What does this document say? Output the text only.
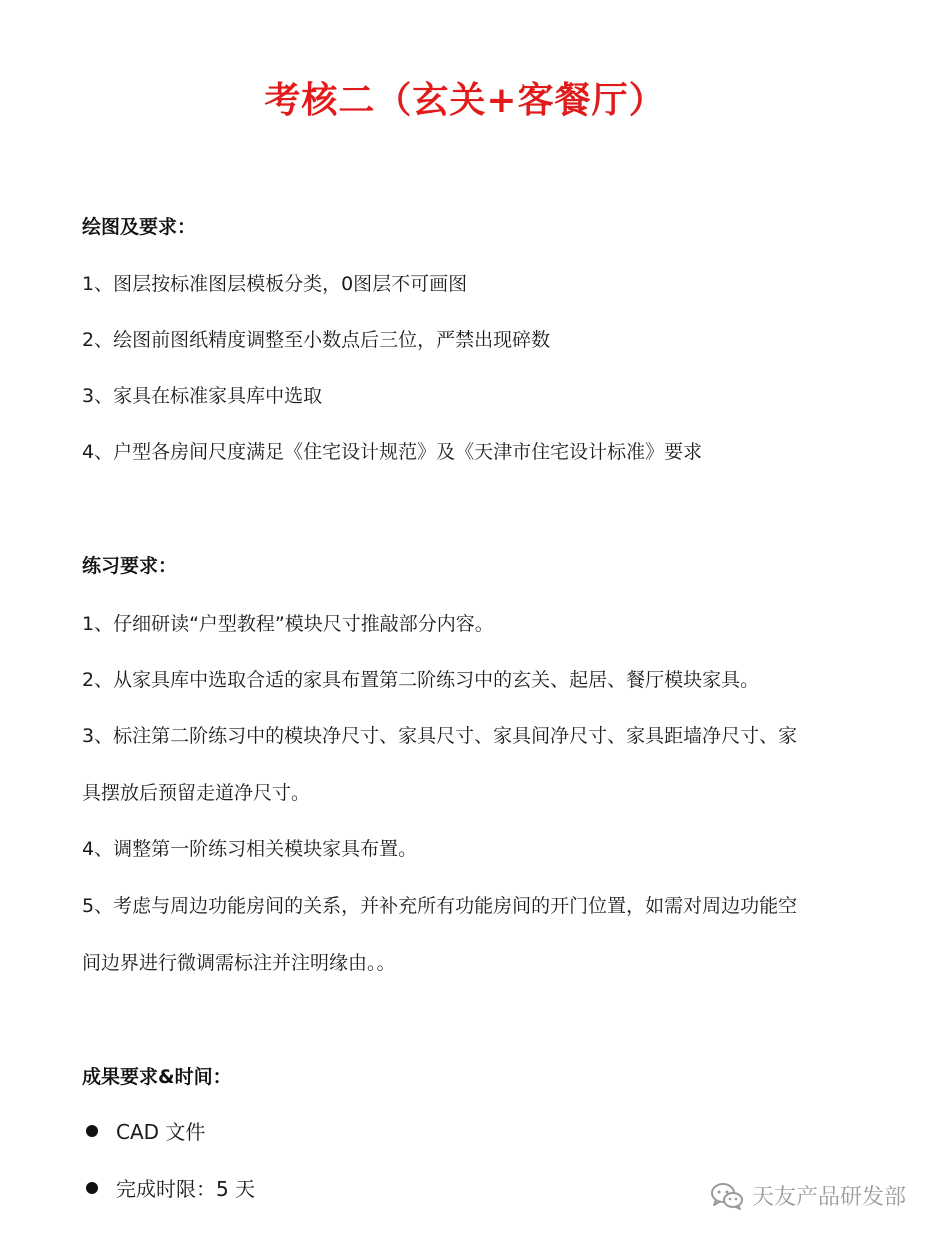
考核二（玄关+客餐厅）
绘图及要求：
1、图层按标准图层模板分类，0图层不可画图
2、绘图前图纸精度调整至小数点后三位，严禁出现碎数
3、家具在标准家具库中选取
4、户型各房间尺度满足《住宅设计规范》及《天津市住宅设计标准》要求
练习要求：
1、仔细研读“户型教程”模块尺寸推敲部分内容。
2、从家具库中选取合适的家具布置第二阶练习中的玄关、起居、餐厅模块家具。
3、标注第二阶练习中的模块净尺寸、家具尺寸、家具间净尺寸、家具距墙净尺寸、家
具摆放后预留走道净尺寸。
4、调整第一阶练习相关模块家具布置。
5、考虑与周边功能房间的关系，并补充所有功能房间的开门位置，如需对周边功能空
间边界进行微调需标注并注明缘由。。
成果要求&时间：
CAD 文件
完成时限：5 天	天友产品研发部
